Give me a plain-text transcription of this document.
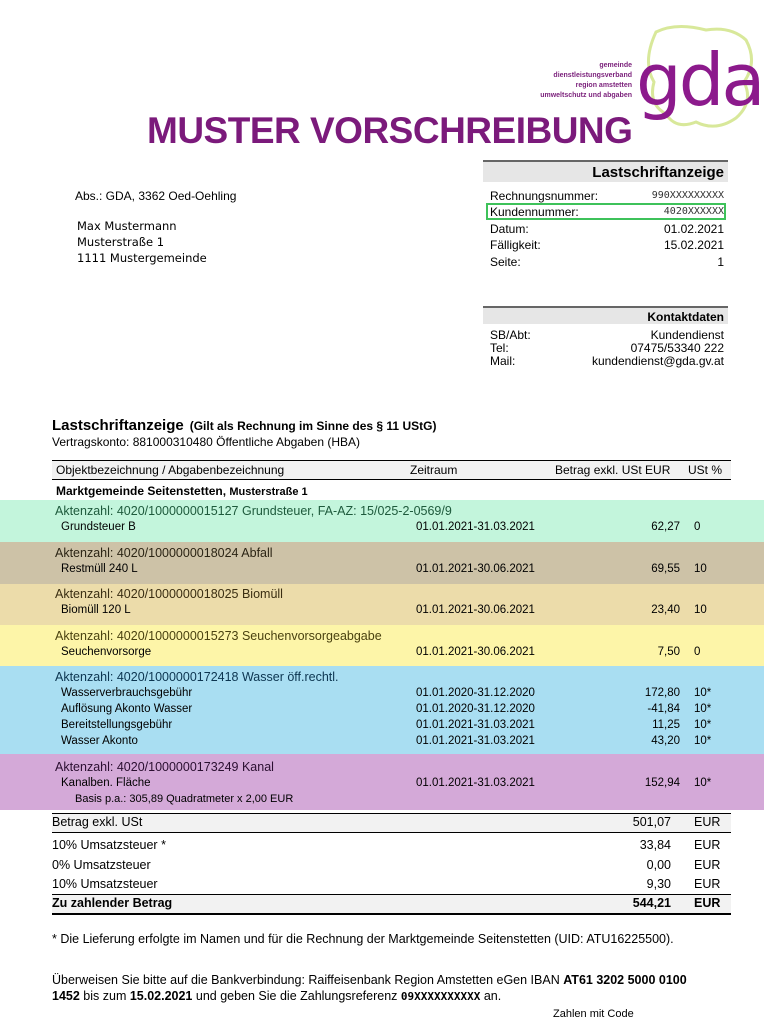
gemeinde
dienstleistungsverband
region amstetten
umweltschutz und abgaben gda
MUSTER VORSCHREIBUNG
Lastschriftanzeige
Rechnungsnummer:	990XXXXXXXXX
Kundennummer:	4020XXXXXX
Datum:	01.02.2021
Fälligkeit:	15.02.2021
Seite:	1
Kontaktdaten
SB/Abt:	Kundendienst
Tel:	07475/53340 222
Mail:	kundendienst@gda.gv.at
Abs.: GDA, 3362 Oed-Oehling
Max Mustermann
Musterstraße 1
1111 Mustergemeinde
Lastschriftanzeige (Gilt als Rechnung im Sinne des § 11 UStG)
Vertragskonto: 881000310480 Öffentliche Abgaben (HBA)
Objektbezeichnung / Abgabenbezeichnung	Zeitraum	Betrag exkl. USt EUR USt %
Marktgemeinde Seitenstetten, Musterstraße 1
Aktenzahl: 4020/1000000015127 Grundsteuer, FA-AZ: 15/025-2-0569/9
Grundsteuer B	01.01.2021-31.03.2021	62,27 0
Aktenzahl: 4020/1000000018024 Abfall
Restmüll 240 L	01.01.2021-30.06.2021	69,55 10
Aktenzahl: 4020/1000000018025 Biomüll
Biomüll 120 L	01.01.2021-30.06.2021	23,40 10
Aktenzahl: 4020/1000000015273 Seuchenvorsorgeabgabe
Seuchenvorsorge	01.01.2021-30.06.2021	7,50 0
Aktenzahl: 4020/1000000172418 Wasser öff.rechtl.
Wasserverbrauchsgebühr	01.01.2020-31.12.2020	172,80 10*
Auflösung Akonto Wasser	01.01.2020-31.12.2020	-41,84 10*
Bereitstellungsgebühr	01.01.2021-31.03.2021	11,25 10*
Wasser Akonto	01.01.2021-31.03.2021	43,20 10*
Aktenzahl: 4020/1000000173249 Kanal
Kanalben. Fläche	01.01.2021-31.03.2021	152,94 10*
Basis p.a.: 305,89 Quadratmeter x 2,00 EUR
Betrag exkl. USt	501,07 EUR
10% Umsatzsteuer *	33,84 EUR
0% Umsatzsteuer	0,00 EUR
10% Umsatzsteuer	9,30 EUR
Zu zahlender Betrag	544,21 EUR
* Die Lieferung erfolgte im Namen und für die Rechnung der Marktgemeinde Seitenstetten (UID: ATU16225500).
Überweisen Sie bitte auf die Bankverbindung: Raiffeisenbank Region Amstetten eGen IBAN AT61 3202 5000 0100
1452 bis zum 15.02.2021 und geben Sie die Zahlungsreferenz 09XXXXXXXXXX an.
Zahlen mit Code
